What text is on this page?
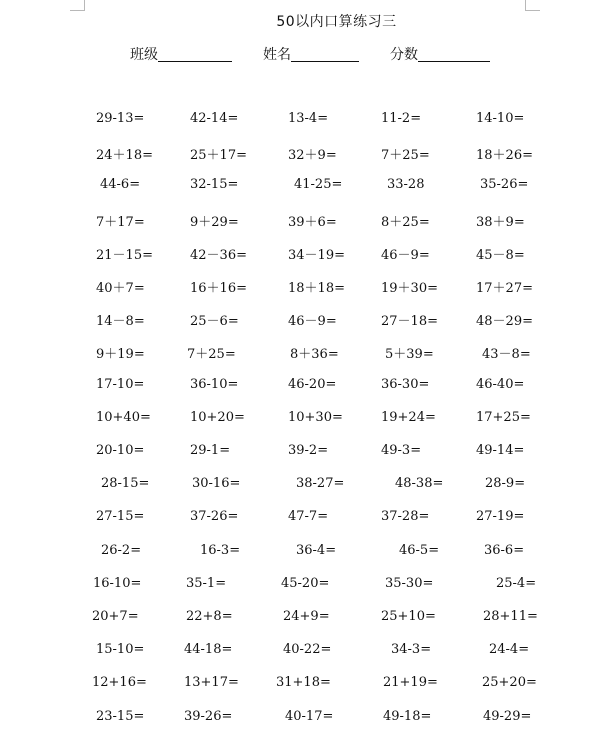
50以内口算练习三
班级	姓名	分数
29-13=	42-14=	13-4=	11-2=	14-10=
24＋18=	25＋17=	32＋9=	7＋25=	18＋26=
44-6=	32-15=	41-25=	33-28	35-26=
7＋17=	9＋29=	39＋6=	8＋25=	38＋9=
21－15=	42－36=	34－19=	46－9=	45－8=
40＋7=	16＋16=	18＋18=	19＋30=	17＋27=
14－8=	25－6=	46－9=	27－18=	48－29=
9＋19=	7＋25=	8＋36=	5＋39=	43－8=
17-10=	36-10=	46-20=	36-30=	46-40=
10+40=	10+20=	10+30=	19+24=	17+25=
20-10=	29-1=	39-2=	49-3=	49-14=
28-15=	30-16=	38-27=	48-38=	28-9=
27-15=	37-26=	47-7=	37-28=	27-19=
26-2=	16-3=	36-4=	46-5=	36-6=
16-10=	35-1=	45-20=	35-30=	25-4=
20+7=	22+8=	24+9=	25+10=	28+11=
15-10=	44-18=	40-22=	34-3=	24-4=
12+16=	13+17=	31+18=	21+19=	25+20=
23-15=	39-26=	40-17=	49-18=	49-29=
